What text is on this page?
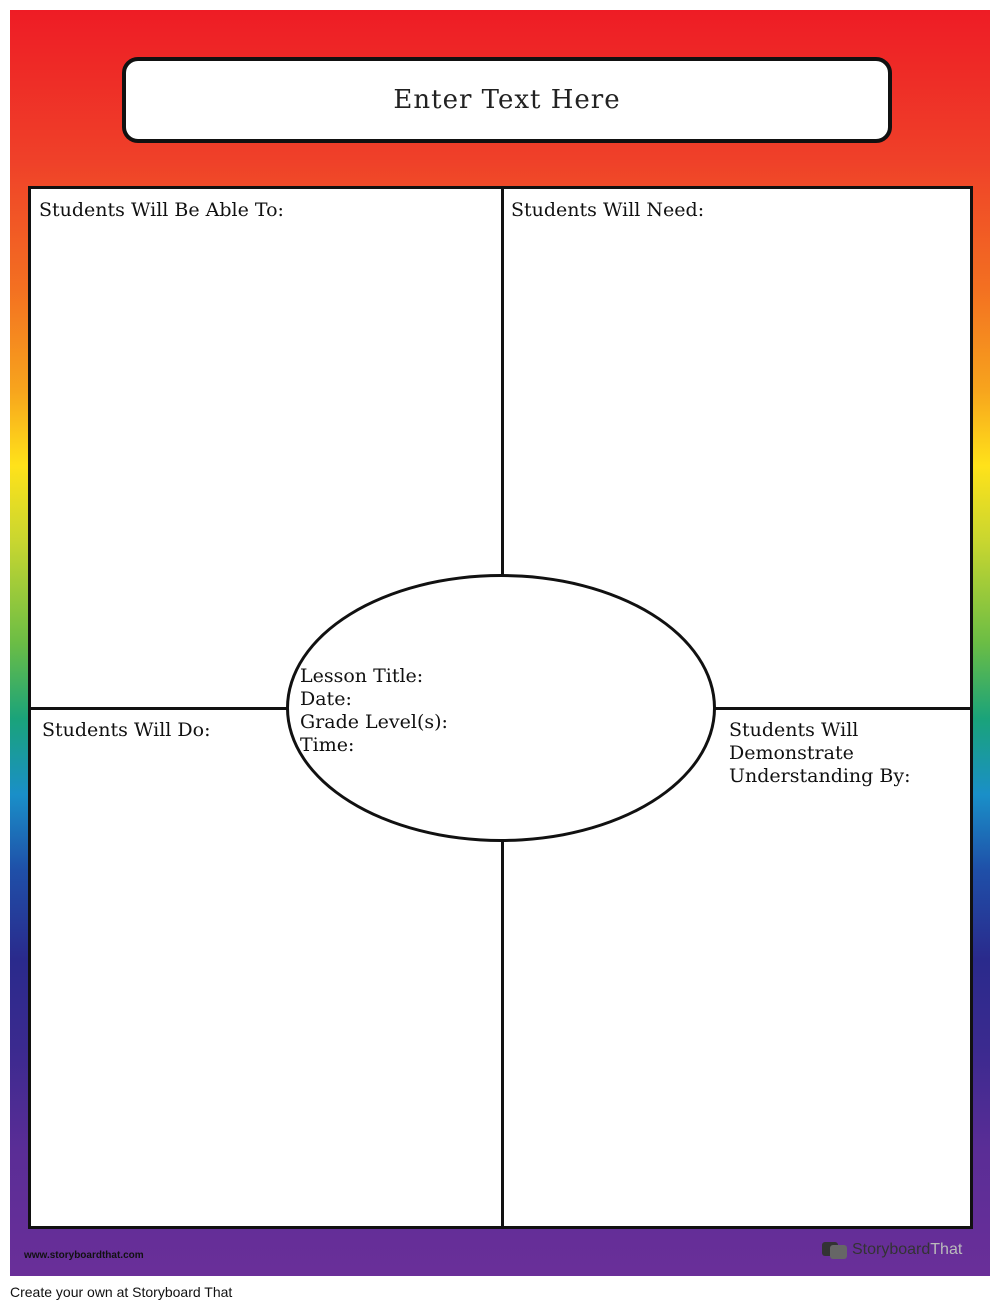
Enter Text Here
Students Will Be Able To:	Students Will Need:
Students Will Do:	Students Will
Demonstrate
Understanding By:
Lesson Title:
Date:
Grade Level(s):
Time:
www.storyboardthat.com	Storyboard That
Create your own at Storyboard That
